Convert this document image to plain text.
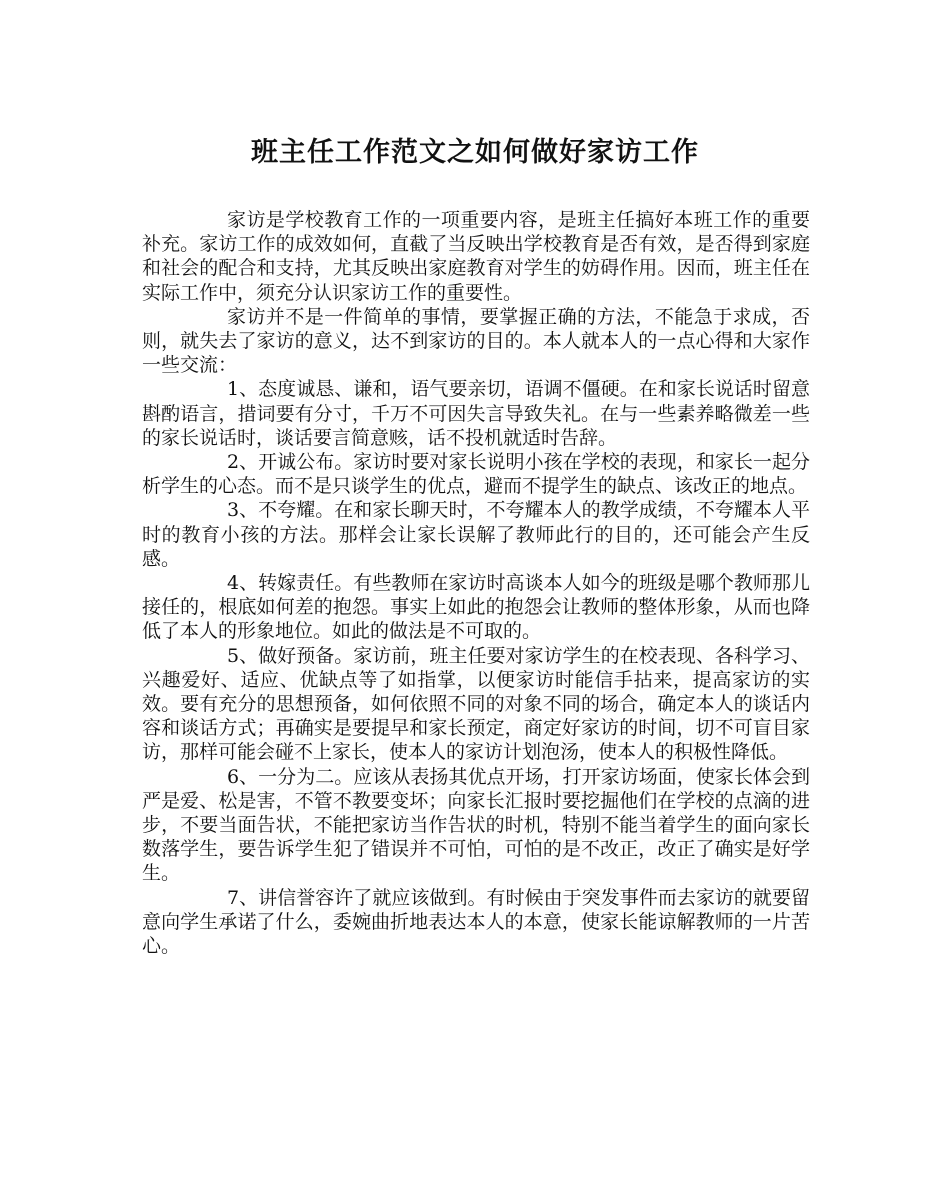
班主任工作范文之如何做好家访工作

家访是学校教育工作的一项重要内容，是班主任搞好本班工作的重要补充。家访工作的成效如何，直截了当反映出学校教育是否有效，是否得到家庭和社会的配合和支持，尤其反映出家庭教育对学生的妨碍作用。因而，班主任在实际工作中，须充分认识家访工作的重要性。

家访并不是一件简单的事情，要掌握正确的方法，不能急于求成，否则，就失去了家访的意义，达不到家访的目的。本人就本人的一点心得和大家作一些交流：

1、态度诚恳、谦和，语气要亲切，语调不僵硬。在和家长说话时留意斟酌语言，措词要有分寸，千万不可因失言导致失礼。在与一些素养略微差一些的家长说话时，谈话要言简意赅，话不投机就适时告辞。

2、开诚公布。家访时要对家长说明小孩在学校的表现，和家长一起分析学生的心态。而不是只谈学生的优点，避而不提学生的缺点、该改正的地点。

3、不夸耀。在和家长聊天时，不夸耀本人的教学成绩，不夸耀本人平时的教育小孩的方法。那样会让家长误解了教师此行的目的，还可能会产生反感。

4、转嫁责任。有些教师在家访时高谈本人如今的班级是哪个教师那儿接任的，根底如何差的抱怨。事实上如此的抱怨会让教师的整体形象，从而也降低了本人的形象地位。如此的做法是不可取的。

5、做好预备。家访前，班主任要对家访学生的在校表现、各科学习、兴趣爱好、适应、优缺点等了如指掌，以便家访时能信手拈来，提高家访的实效。要有充分的思想预备，如何依照不同的对象不同的场合，确定本人的谈话内容和谈话方式；再确实是要提早和家长预定，商定好家访的时间，切不可盲目家访，那样可能会碰不上家长，使本人的家访计划泡汤，使本人的积极性降低。

6、一分为二。应该从表扬其优点开场，打开家访场面，使家长体会到严是爱、松是害，不管不教要变坏；向家长汇报时要挖掘他们在学校的点滴的进步，不要当面告状，不能把家访当作告状的时机，特别不能当着学生的面向家长数落学生，要告诉学生犯了错误并不可怕，可怕的是不改正，改正了确实是好学生。

7、讲信誉容许了就应该做到。有时候由于突发事件而去家访的就要留意向学生承诺了什么，委婉曲折地表达本人的本意，使家长能谅解教师的一片苦心。
